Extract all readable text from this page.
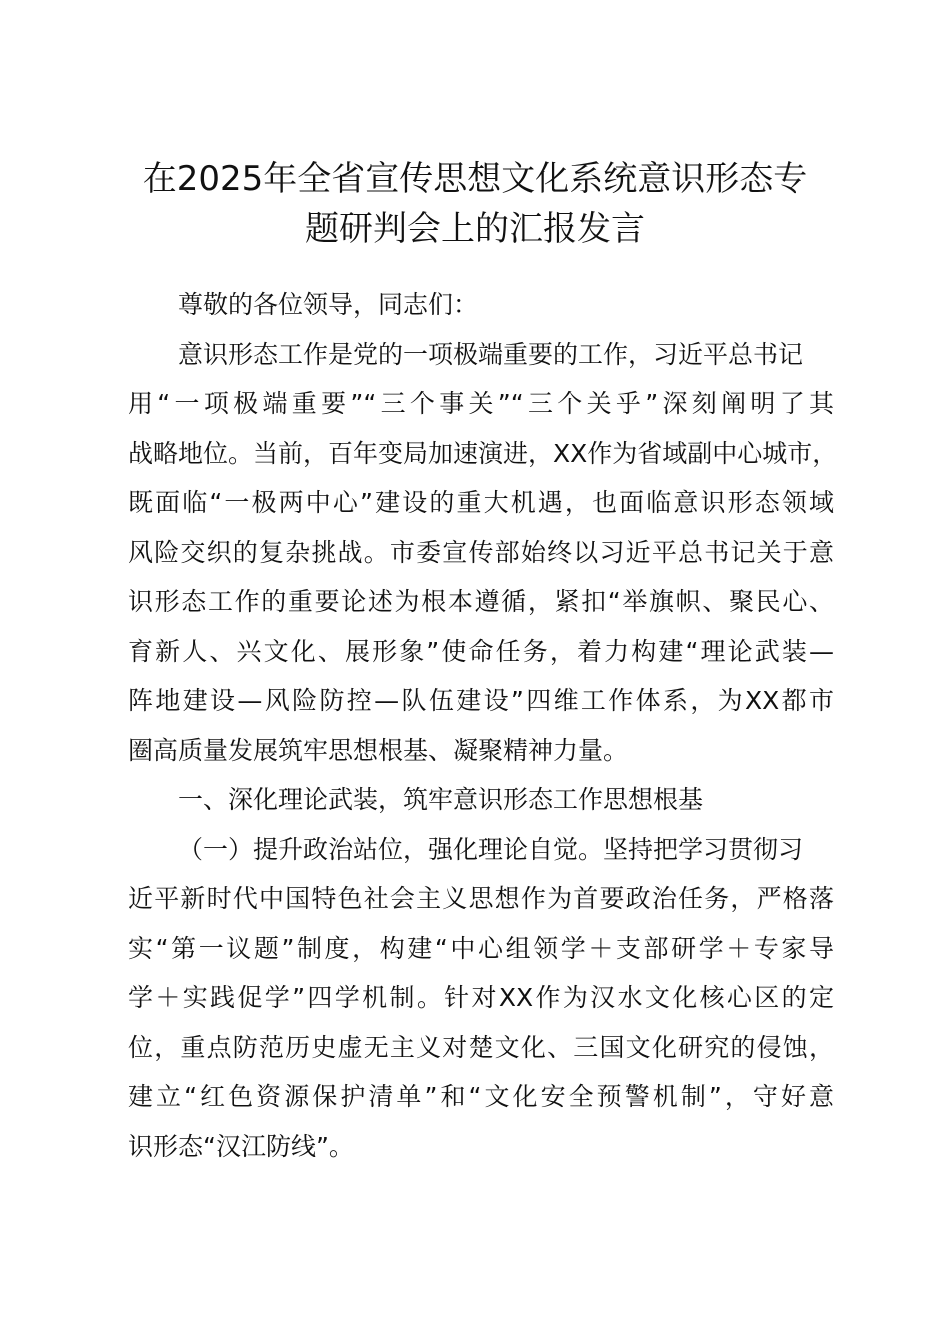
在2025年全省宣传思想文化系统意识形态专
题研判会上的汇报发言
尊敬的各位领导，同志们：
意识形态工作是党的一项极端重要的工作，习近平总书记
用“一项极端重要”“三个事关”“三个关乎”深刻阐明了其
战略地位。当前，百年变局加速演进，XX作为省域副中心城市，
既面临“一极两中心”建设的重大机遇，也面临意识形态领域
风险交织的复杂挑战。市委宣传部始终以习近平总书记关于意
识形态工作的重要论述为根本遵循，紧扣“举旗帜、聚民心、
育新人、兴文化、展形象”使命任务，着力构建“理论武装—
阵地建设—风险防控—队伍建设”四维工作体系，为XX都市
圈高质量发展筑牢思想根基、凝聚精神力量。
一、深化理论武装，筑牢意识形态工作思想根基
（一）提升政治站位，强化理论自觉。坚持把学习贯彻习
近平新时代中国特色社会主义思想作为首要政治任务，严格落
实“第一议题”制度，构建“中心组领学＋支部研学＋专家导
学＋实践促学”四学机制。针对XX作为汉水文化核心区的定
位，重点防范历史虚无主义对楚文化、三国文化研究的侵蚀，
建立“红色资源保护清单”和“文化安全预警机制”，守好意
识形态“汉江防线”。
